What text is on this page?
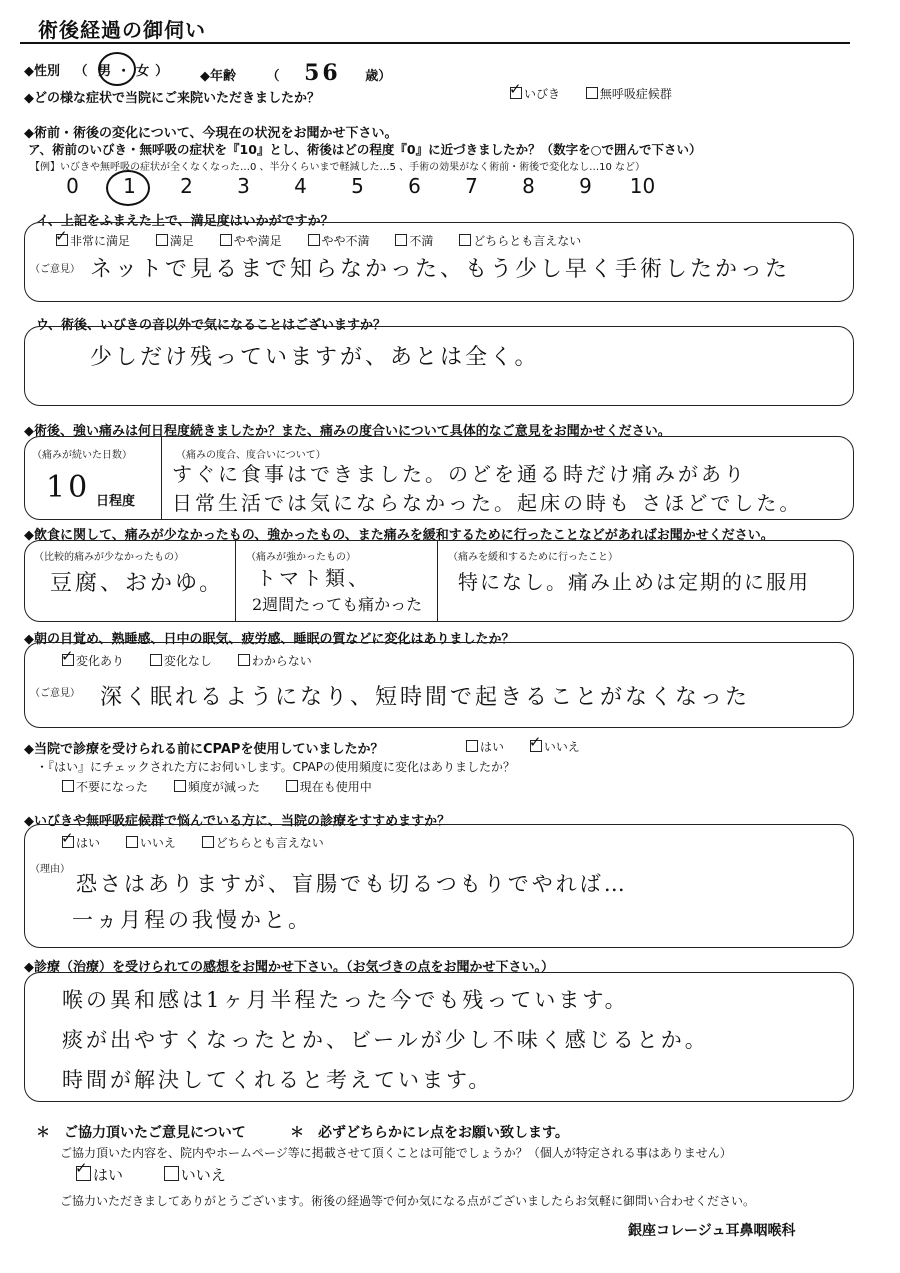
術後経過の御伺い
◆性別 （ 男 ・ 女 ） ◆年齢 （ 56 歳）
◆どの様な症状で当院にご来院いただきましたか？ ✓	いびき	無呼吸症候群
◆術前・術後の変化について、今現在の状況をお聞かせ下さい。
ア、術前のいびき・無呼吸の症状を『10』とし、術後はどの程度『0』に近づきましたか？（数字を○で囲んで下さい）
【例】いびきや無呼吸の症状が全くなくなった…0 、半分くらいまで軽減した…5 、手術の効果がなく術前・術後で変化なし…10 など）
0 1 2 3 4 5 6 7 8 9 10
イ、上記をふまえた上で、満足度はいかがですか？
✓非常に満足	満足	やや満足	やや不満	不満	どちらとも言えない
（ご意見） ネットで見るまで知らなかった、もう少し早く手術したかった
ウ、術後、いびきの音以外で気になることはございますか？
少しだけ残っていますが、あとは全く。
◆術後、強い痛みは何日程度続きましたか？また、痛みの度合いについて具体的なご意見をお聞かせください。
（痛みが続いた日数）
10 日程度
（痛みの度合、度合いについて）
すぐに食事はできました。のどを通る時だけ痛みがあり
日常生活では気にならなかった。起床の時も さほどでした。
◆飲食に関して、痛みが少なかったもの、強かったもの、また痛みを緩和するために行ったことなどがあればお聞かせください。
（比較的痛みが少なかったもの）
豆腐、おかゆ。
（痛みが強かったもの）
トマト類、
2週間たっても痛かった
（痛みを緩和するために行ったこと）
特になし。痛み止めは定期的に服用
◆朝の目覚め、熟睡感、日中の眠気、疲労感、睡眠の質などに変化はありましたか？
✓変化あり	変化なし	わからない
（ご意見） 深く眠れるようになり、短時間で起きることがなくなった
◆当院で診療を受けられる前にCPAPを使用していましたか？	はい ✓	いいえ
・『はい』にチェックされた方にお伺いします。CPAPの使用頻度に変化はありましたか？
不要になった	頻度が減った	現在も使用中
◆いびきや無呼吸症候群で悩んでいる方に、当院の診療をすすめますか？
✓はい	いいえ	どちらとも言えない
（理由）
恐さはありますが、盲腸でも切るつもりでやれば…
一ヵ月程の我慢かと。
◆診療（治療）を受けられての感想をお聞かせ下さい。（お気づきの点をお聞かせ下さい。）
喉の異和感は1ヶ月半程たった今でも残っています。
痰が出やすくなったとか、ビールが少し不味く感じるとか。
時間が解決してくれると考えています。
＊　ご協力頂いたご意見について	＊　必ずどちらかにレ点をお願い致します。
ご協力頂いた内容を、院内やホームページ等に掲載させて頂くことは可能でしょうか？（個人が特定される事はありません）
✓はい	いいえ
ご協力いただきましてありがとうございます。術後の経過等で何か気になる点がございましたらお気軽に御問い合わせください。
銀座コレージュ耳鼻咽喉科
